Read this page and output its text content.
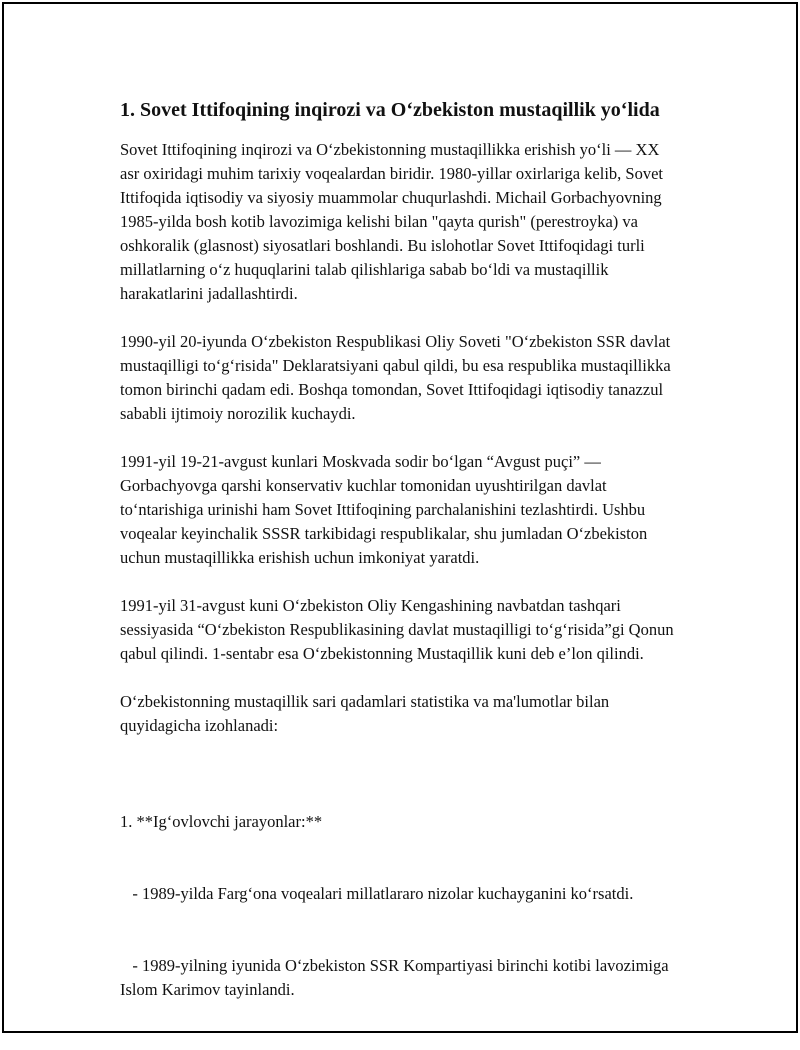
1. Sovet Ittifoqining inqirozi va O‘zbekiston mustaqillik yo‘lida

Sovet Ittifoqining inqirozi va O‘zbekistonning mustaqillikka erishish yo‘li — XX asr oxiridagi muhim tarixiy voqealardan biridir. 1980-yillar oxirlariga kelib, Sovet Ittifoqida iqtisodiy va siyosiy muammolar chuqurlashdi. Michail Gorbachyovning 1985-yilda bosh kotib lavozimiga kelishi bilan "qayta qurish" (perestroyka) va oshkoralik (glasnost) siyosatlari boshlandi. Bu islohotlar Sovet Ittifoqidagi turli millatlarning o‘z huquqlarini talab qilishlariga sabab bo‘ldi va mustaqillik harakatlarini jadallashtirdi.

1990-yil 20-iyunda O‘zbekiston Respublikasi Oliy Soveti "O‘zbekiston SSR davlat mustaqilligi to‘g‘risida" Deklaratsiyani qabul qildi, bu esa respublika mustaqillikka tomon birinchi qadam edi. Boshqa tomondan, Sovet Ittifoqidagi iqtisodiy tanazzul sababli ijtimoiy norozilik kuchaydi.

1991-yil 19-21-avgust kunlari Moskvada sodir bo‘lgan “Avgust puçi” — Gorbachyovga qarshi konservativ kuchlar tomonidan uyushtirilgan davlat to‘ntarishiga urinishi ham Sovet Ittifoqining parchalanishini tezlashtirdi. Ushbu voqealar keyinchalik SSSR tarkibidagi respublikalar, shu jumladan O‘zbekiston uchun mustaqillikka erishish uchun imkoniyat yaratdi.

1991-yil 31-avgust kuni O‘zbekiston Oliy Kengashining navbatdan tashqari sessiyasida “O‘zbekiston Respublikasining davlat mustaqilligi to‘g‘risida”gi Qonun qabul qilindi. 1-sentabr esa O‘zbekistonning Mustaqillik kuni deb e’lon qilindi.

O‘zbekistonning mustaqillik sari qadamlari statistika va ma'lumotlar bilan quyidagicha izohlanadi:

1. **Ig‘ovlovchi jarayonlar:**

- 1989-yilda Farg‘ona voqealari millatlararo nizolar kuchayganini ko‘rsatdi.

- 1989-yilning iyunida O‘zbekiston SSR Kompartiyasi birinchi kotibi lavozimiga Islom Karimov tayinlandi.
